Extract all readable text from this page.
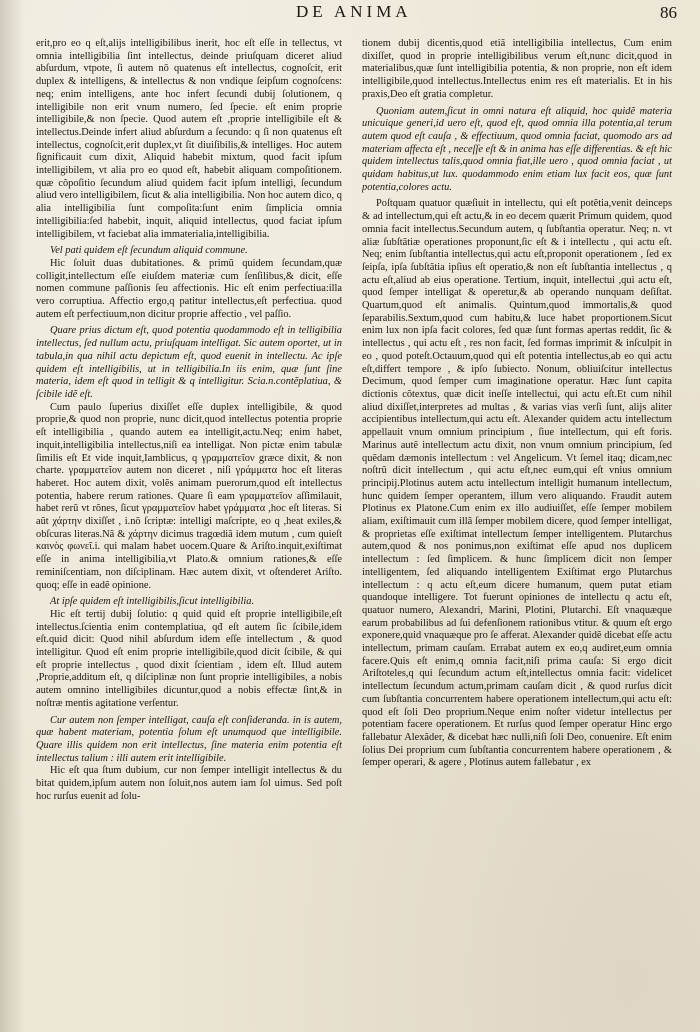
DE ANIMA	86

erit,pro eo q eſt,alijs intelligibilibus inerit, hoc eſt eſſe in tellectus, vt omnia intelligibilia ſint intellectus, deinde priuſquam diceret aliud abſurdum, vtpote, ſi autem nõ quatenus eſt intellectus, cognoſcit, erit duplex & intelligens, & intellectus & non vndique ſeipſum cognoſcens: neq; enim intelligens, ante hoc infert ſecundi dubij ſolutionem, q intelligibile non erit vnum numero, ſed ſpecie. eſt enim proprie intelligibile,& non ſpecie. Quod autem eſt ,proprie intelligibile eſt & intellectus.Deinde infert aliud abſurdum a ſecundo: q ſi non quatenus eſt intellectus, cognoſcit,erit duplex,vt ſit diuiſibilis,& intelliges. Hoc autem ſignificauit cum dixit, Aliquid habebit mixtum, quod facit ipſum intelligibilem, vt alia pro eo quod eſt, habebit aliquam compoſitionem. quæ cõpoſitio ſecundum aliud quidem facit ipſum intelligi, ſecundum aliud vero intelligibilem, ſicut & alia intelligibilia. Non hoc autem dico, q alia intelligibilia ſunt compoſita:ſunt enim ſimplicia omnia intelligibilia:ſed habebit, inquit, aliquid intellectus, quod faciat ipſum intelligibilem, vt faciebat alia immaterialia,intelligibilia.

Vel pati quidem eſt ſecundum aliquid commune.

Hic ſoluit duas dubitationes. & primũ quidem ſecundam,quæ colligit,intellectum eſſe eiuſdem materiæ cum ſenſilibus,& dicit, eſſe nomen commune paſſionis ſeu affectionis. Hic eſt enim perfectiua:illa vero corruptiua. Affectio ergo,q patitur intellectus,eſt perfectiua. quod autem eſt perfectiuum,non dicitur proprie affectio , vel paſſio.

Quare prius dictum eſt, quod potentia quodammodo eſt in telligibilia intellectus, ſed nullum actu, priuſquam intelligat. Sic autem oportet, ut in tabula,in qua nihil actu depictum eſt, quod euenit in intellectu. Ac ipſe quidem eſt intelligibilis, ut in telligibilia.In iis enim, quæ ſunt ſine materia, idem eſt quod in telligit & q intelligitur. Scia.n.contẽplatiua, & ſcibile idẽ eſt.

Cum paulo ſuperius dixiſſet eſſe duplex intelligibile, & quod proprie,& quod non proprie, nunc dicit,quod intellectus potentia proprie eſt intelligibilia , quando autem ea intelligit,actu.Neq; enim habet, inquit,intelligibilia intellectus,niſi ea intelligat. Non pictæ enim tabulæ ſimilis eſt Et vide inquit,Iamblicus, q γραμματεῖον græce dixit, & non charte. γραμματεῖον autem non diceret , niſi γράμματα hoc eſt literas haberet. Hoc autem dixit, volẽs animam puerorum,quod eſt intellectus potentia, habere rerum rationes. Quare ſi eam γραμματεῖον aſſimilauit, habet rerũ vt rõnes, ſicut γραμματεῖον habet γράμματα ,hoc eſt literas. Si aũt χάρτην dixiſſet , i.nõ ſcriptæ: intelligi maſcripte, eo q ,heat exiles,& obſcuras literas.Nã & χάρτην dicimus tragœdiã idem mutum , cum quieſt καινὸς φωνεῖ.i. qui malam habet uocem.Quare & Ariſto.inquit,exiſtimat eſſe in anima intelligibilia,vt Plato.& omnium rationes,& eſſe reminiſcentiam, non diſciplinam. Hæc autem dixit, vt oſtenderet Ariſto. quoq; eſſe in eadẽ opinione.

At ipſe quidem eſt intelligibilis,ſicut intelligibilia.

Hic eſt tertij dubij ſolutio: q quid quid eſt proprie intelligibile,eſt intellectus.ſcientia enim contemplatiua, qđ eſt autem ſic ſcibile,idem eſt.quid dicit: Quod nihil abſurdum idem eſſe intellectum , & quod intelligitur. Quod eſt enim proprie intelligibile,quod dicit ſcibile, & qui eſt proprie intellectus , quod dixit ſcientiam , idem eſt. Illud autem ,Proprie,additum eſt, q diſciplinæ non ſunt proprie intelligibiles, a nobis autem omnino intelligibiles dicuntur,quod a nobis effectæ ſint,& in noſtræ mentis agitatione verſentur.

Cur autem non ſemper intelligat, cauſa eſt conſideranda. in is autem, quæ habent materiam, potentia ſolum eſt unumquod que intelligibile. Quare illis quidem non erit intellectus, ſine materia enim potentia eſt intellectus talium : illi autem erit intelligibile.

Hic eſt qua ſtum dubium, cur non ſemper intelligit intellectus & du bitat quidem,ipſum autem non ſoluit,nos autem iam ſol uimus. Sed poſt hoc rurſus euenit ad ſolu-

tionem dubij dicentis,quod etiã intelligibilia intellectus, Cum enim dixiſſet, quod in proprie intelligibilibus verum eſt,nunc dicit,quod in materialibus,quæ ſunt intelligibilia potentia, & non proprie, non eſt idem intelligibile,quod intellectus.Intellectus enim res eſt materialis. Et in his praxis,Deo eſt gratia completur.

Quoniam autem,ſicut in omni natura eſt aliquid, hoc quidẽ materia unicuique generi,id uero eſt, quod eſt, quod omnia illa potentia,al terum autem quod eſt cauſa , & effectiuum, quod omnia faciat, quomodo ars ad materiam affecta eſt , neceſſe eſt & in anima has eſſe differentias. & eſt hic quidem intellectus talis,quod omnia fiat,ille uero , quod omnia faciat , ut quidam habitus,ut lux. quodammodo enim etiam lux facit eos, quæ ſunt potentia,colores actu.

Poſtquam quatuor quæſiuit in intellectu, qui eſt potẽtia,venit deinceps & ad intellectum,qui eſt actu,& in eo decem quærit Primum quidem, quod omnia facit intellectus.Secundum autem, q ſubſtantia operatur. Neq; n. vt aliæ ſubſtãtiæ operationes proponunt,ſic eſt & i intellectu , qui actu eſt. Neq; enim ſubſtantia intellectus,qui actu eſt,proponit operationem , ſed ex ſeipſa, ipſa ſubſtãtia ipſius eſt operatio,& non eſt ſubſtantia intellectus , q actu eſt,aliud ab eius operatione. Tertium, inquit, intellectui ,qui actu eſt, quod ſemper intelligat & operetur,& ab operando nunquam deſiſtat. Quartum,quod eſt animalis. Quintum,quod immortalis,& quod ſeparabilis.Sextum,quod cum habitu,& luce habet proportionem.Sicut enim lux non ipſa facit colores, ſed quæ ſunt formas apertas reddit, ſic & intellectus , qui actu eſt , res non facit, ſed formas imprimit & inſculpit in eo , quod poteſt.Octauum,quod qui eſt potentia intellectus,ab eo qui actu eſt,differt tempore , & ipſo ſubiecto. Nonum, obliuiſcitur intellectus Decimum, quod ſemper cum imaginatione operatur. Hæc ſunt capita dictionis cõtextus, quæ dicit ineſſe intellectui, qui actu eſt.Et cum nihil aliud dixiſſet,interpretes ad multas , & varias vias verſi ſunt, alijs aliter accipientibus intellectum,qui actu eſt. Alexander quidem actu intellectum appellauit vnum omnium principium , ſiue intellectum, qui eſt foris. Marinus autẽ intellectum actu dixit, non vnum omnium principium, ſed quẽdam dæmonis intellectum : vel Angelicum. Vt ſemel itaq; dicam,nec noſtrũ dicit intellectum , qui actu eſt,nec eum,qui eſt vnius omnium principij.Plotinus autem actu intellectum intelligit humanum intellectum, hunc quidem ſemper operantem, illum vero aliquando. Fraudit autem Plotinus ex Platone.Cum enim ex illo audiuiſſet, eſſe ſemper mobilem aliam, exiſtimauit cum illã ſemper mobilem dicere, quod ſemper intelligat, & proprietas eſſe exiſtimat intellectum ſemper intelligentem. Plutarchus autem,quod & nos ponimus,non exiſtimat eſſe apud nos duplicem intellectum : ſed ſimplicem. & hunc ſimplicem dicit non ſemper intelligentem, ſed aliquando intelligentem Exiſtimat ergo Plutarchus intellectum : q actu eſt,eum dicere humanum, quem putat etiam quandoque intelligere. Tot fuerunt opiniones de intellectu q actu eſt, quatuor numero, Alexandri, Marini, Plotini, Plutarchi. Eſt vnaquæque earum probabilibus ad ſui defenſionem rationibus vtitur. & quum eſt ergo exponere,quid vnaquæque pro ſe afferat. Alexander quidẽ dicebat eſſe actu intellectum, primam cauſam. Errabat autem ex eo,q audiret,eum omnia facere.Quis eſt enim,q omnia facit,niſi prima cauſa: Si ergo dicit Ariſtoteles,q qui ſecundum actum eſt,intellectus omnia facit: videlicet intellectum ſecundum actum,primam cauſam dicit , & quod rurſus dicit cum ſubſtantia concurrentem habere operationem intellectum,qui actu eſt: quod eſt ſoli Deo proprium.Neque enim noſter videtur intellectus per potentiam facere operationem. Et rurſus quod ſemper operatur Hinc ergo fallebatur Alexãder, & dicebat hæc nulli,niſi ſoli Deo, conuenire. Eſt enim ſolius Dei proprium cum ſubſtantia concurrentem habere operationem , & ſemper operari, & agere , Plotinus autem fallebatur , ex
